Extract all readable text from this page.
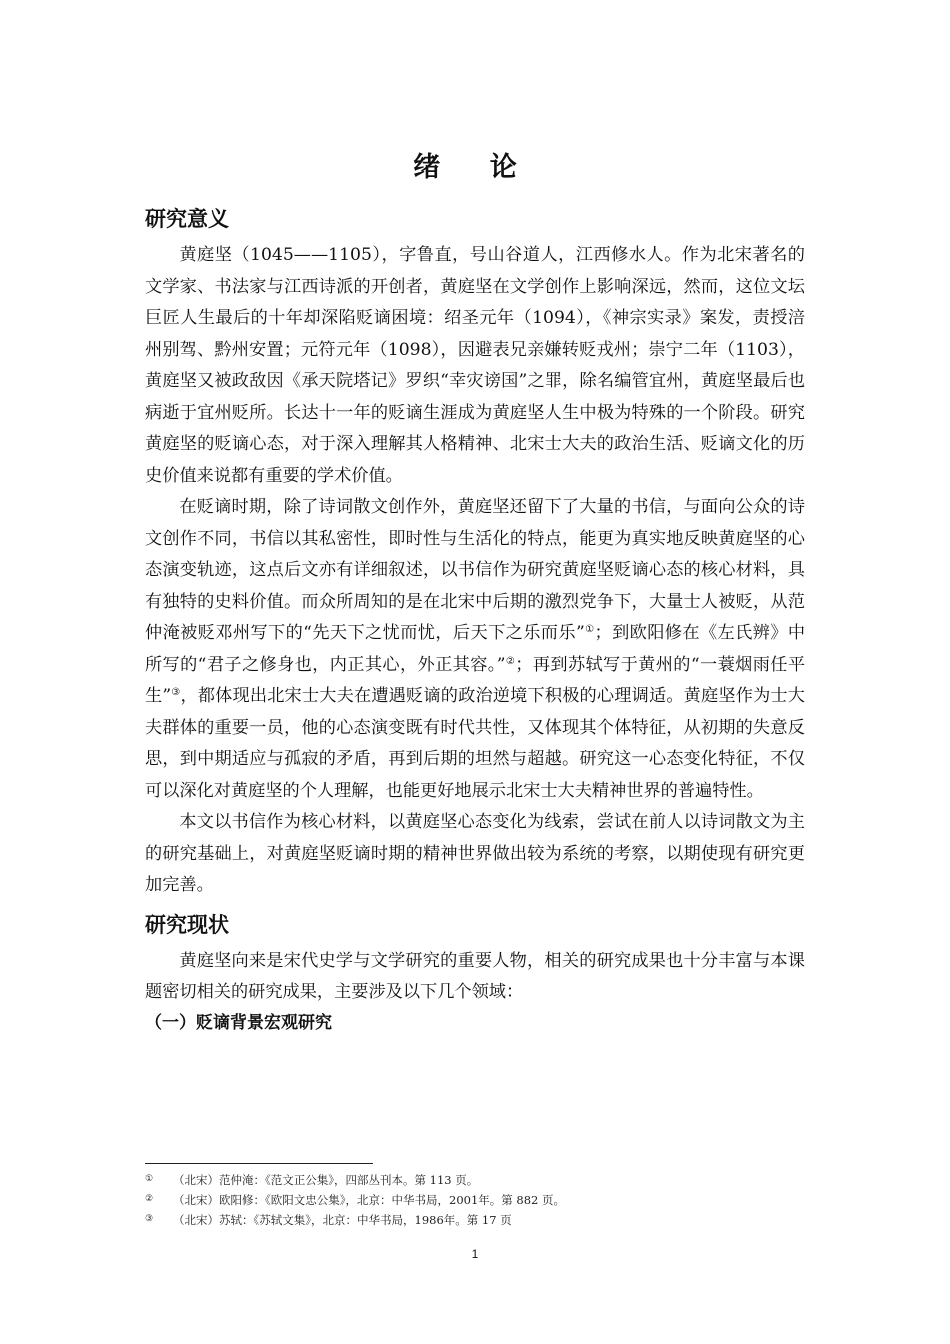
绪 论
研究意义

黄庭坚（1045——1105），字鲁直，号山谷道人，江西修水人。作为北宋著名的文学家、书法家与江西诗派的开创者，黄庭坚在文学创作上影响深远，然而，这位文坛巨匠人生最后的十年却深陷贬谪困境：绍圣元年（1094），《神宗实录》案发，责授涪州别驾、黔州安置；元符元年（1098），因避表兄亲嫌转贬戎州；崇宁二年（1103），黄庭坚又被政敌因《承天院塔记》罗织“幸灾谤国”之罪，除名编管宜州，黄庭坚最后也病逝于宜州贬所。长达十一年的贬谪生涯成为黄庭坚人生中极为特殊的一个阶段。研究黄庭坚的贬谪心态，对于深入理解其人格精神、北宋士大夫的政治生活、贬谪文化的历史价值来说都有重要的学术价值。

在贬谪时期，除了诗词散文创作外，黄庭坚还留下了大量的书信，与面向公众的诗文创作不同，书信以其私密性，即时性与生活化的特点，能更为真实地反映黄庭坚的心态演变轨迹，这点后文亦有详细叙述，以书信作为研究黄庭坚贬谪心态的核心材料，具有独特的史料价值。而众所周知的是在北宋中后期的激烈党争下，大量士人被贬，从范仲淹被贬邓州写下的“先天下之忧而忧，后天下之乐而乐”①；到欧阳修在《左氏辨》中所写的“君子之修身也，内正其心，外正其容。”②；再到苏轼写于黄州的“一蓑烟雨任平生”③，都体现出北宋士大夫在遭遇贬谪的政治逆境下积极的心理调适。黄庭坚作为士大夫群体的重要一员，他的心态演变既有时代共性，又体现其个体特征，从初期的失意反思，到中期适应与孤寂的矛盾，再到后期的坦然与超越。研究这一心态变化特征，不仅可以深化对黄庭坚的个人理解，也能更好地展示北宋士大夫精神世界的普遍特性。

本文以书信作为核心材料，以黄庭坚心态变化为线索，尝试在前人以诗词散文为主的研究基础上，对黄庭坚贬谪时期的精神世界做出较为系统的考察，以期使现有研究更加完善。

研究现状

黄庭坚向来是宋代史学与文学研究的重要人物，相关的研究成果也十分丰富与本课题密切相关的研究成果，主要涉及以下几个领域：

（一）贬谪背景宏观研究
① （北宋）范仲淹：《范文正公集》，四部丛刊本。第 113 页。
② （北宋）欧阳修：《欧阳文忠公集》，北京：中华书局，2001年。第 882 页。
③ （北宋）苏轼：《苏轼文集》，北京：中华书局，1986年。第 17 页
1
